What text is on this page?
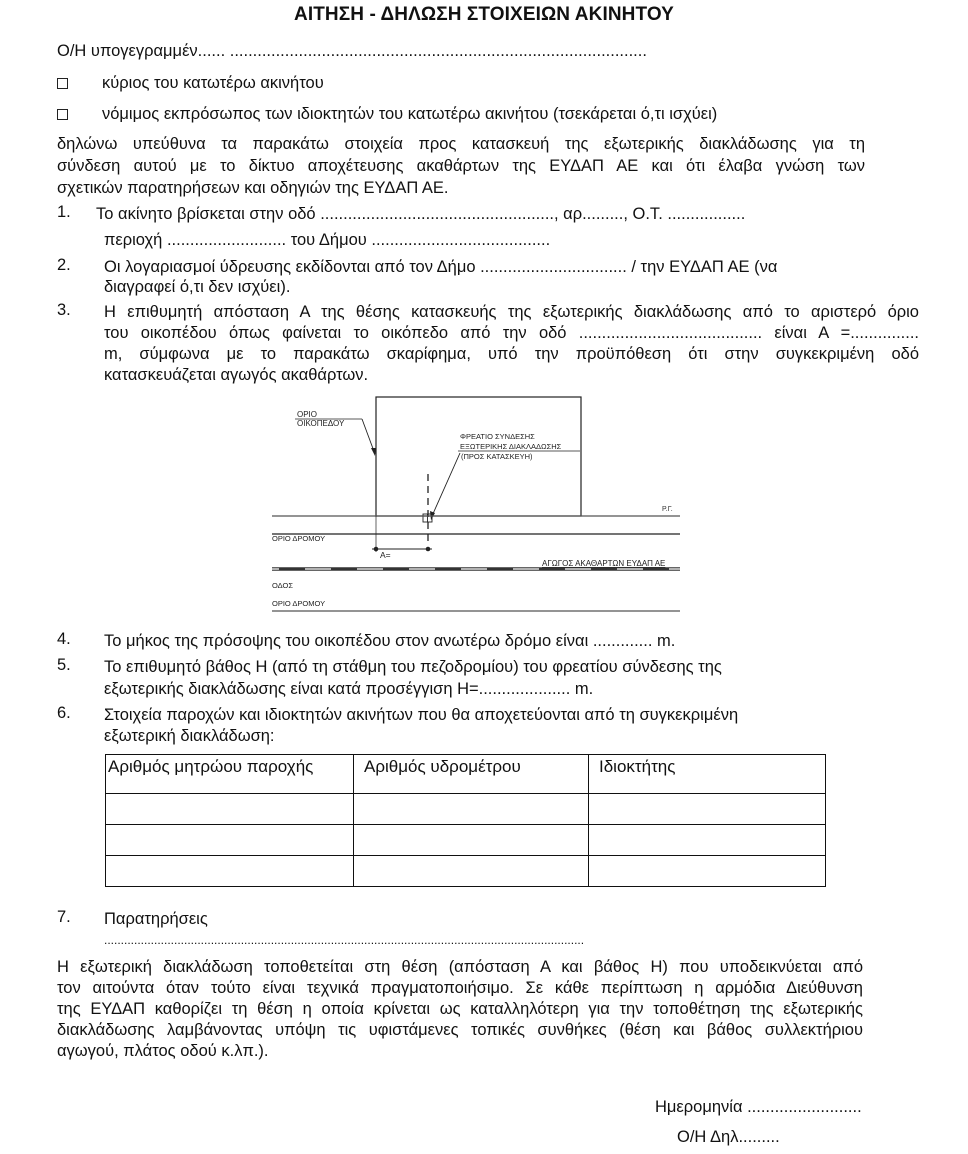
ΑΙΤΗΣΗ - ΔΗΛΩΣΗ ΣΤΟΙΧΕΙΩΝ ΑΚΙΝΗΤΟΥ
Ο/Η υπογεγραμμέν...... ...........................................................................................
κύριος του κατωτέρω ακινήτου
νόμιμος εκπρόσωπος των ιδιοκτητών του κατωτέρω ακινήτου (τσεκάρεται ό,τι ισχύει)
δηλώνω υπεύθυνα τα παρακάτω στοιχεία προς κατασκευή της εξωτερικής διακλάδωσης για τη
σύνδεση αυτού με το δίκτυο αποχέτευσης ακαθάρτων της ΕΥΔΑΠ ΑΕ και ότι έλαβα γνώση των
σχετικών παρατηρήσεων και οδηγιών της ΕΥΔΑΠ ΑΕ.
1. Το ακίνητο βρίσκεται στην οδό ..................................................., αρ........., Ο.Τ. .................
περιοχή .......................... του Δήμου .......................................
2. Οι λογαριασμοί ύδρευσης εκδίδονται από τον Δήμο ................................ / την ΕΥΔΑΠ ΑΕ (να
διαγραφεί ό,τι δεν ισχύει).
3. Η επιθυμητή απόσταση Α της θέσης κατασκευής της εξωτερικής διακλάδωσης από το αριστερό όριο
του οικοπέδου όπως φαίνεται το οικόπεδο από την οδό ........................................ είναι Α =...............
m, σύμφωνα με το παρακάτω σκαρίφημα, υπό την προϋπόθεση ότι στην συγκεκριμένη οδό
κατασκευάζεται αγωγός ακαθάρτων.
ΟΡΙΟ
ΟΙΚΟΠΕΔΟΥ
ΦΡΕΑΤΙΟ ΣΥΝΔΕΣΗΣ
ΕΞΩΤΕΡΙΚΗΣ ΔΙΑΚΛΑΔΩΣΗΣ
(ΠΡΟΣ ΚΑΤΑΣΚΕΥΗ)
Ρ.Γ.
ΟΡΙΟ ΔΡΟΜΟΥ
Α=
ΑΓΩΓΟΣ ΑΚΑΘΑΡΤΩΝ ΕΥΔΑΠ ΑΕ
ΟΔΟΣ
ΟΡΙΟ ΔΡΟΜΟΥ
4. Το μήκος της πρόσοψης του οικοπέδου στον ανωτέρω δρόμο είναι ............. m.
5. Το επιθυμητό βάθος Η (από τη στάθμη του πεζοδρομίου) του φρεατίου σύνδεσης της
εξωτερικής διακλάδωσης είναι κατά προσέγγιση Η=.................... m.
6. Στοιχεία παροχών και ιδιοκτητών ακινήτων που θα αποχετεύονται από τη συγκεκριμένη
εξωτερική διακλάδωση:
Αριθμός μητρώου παροχής	Αριθμός υδρομέτρου	Ιδιοκτήτης

7. Παρατηρήσεις
................................................................................................................................................
Η εξωτερική διακλάδωση τοποθετείται στη θέση (απόσταση Α και βάθος Η) που υποδεικνύεται από
τον αιτούντα όταν τούτο είναι τεχνικά πραγματοποιήσιμο. Σε κάθε περίπτωση η αρμόδια Διεύθυνση
της ΕΥΔΑΠ καθορίζει τη θέση η οποία κρίνεται ως καταλληλότερη για την τοποθέτηση της εξωτερικής
διακλάδωσης λαμβάνοντας υπόψη τις υφιστάμενες τοπικές συνθήκες (θέση και βάθος συλλεκτήριου
αγωγού, πλάτος οδού κ.λπ.).
Ημερομηνία .........................
Ο/Η Δηλ.........
